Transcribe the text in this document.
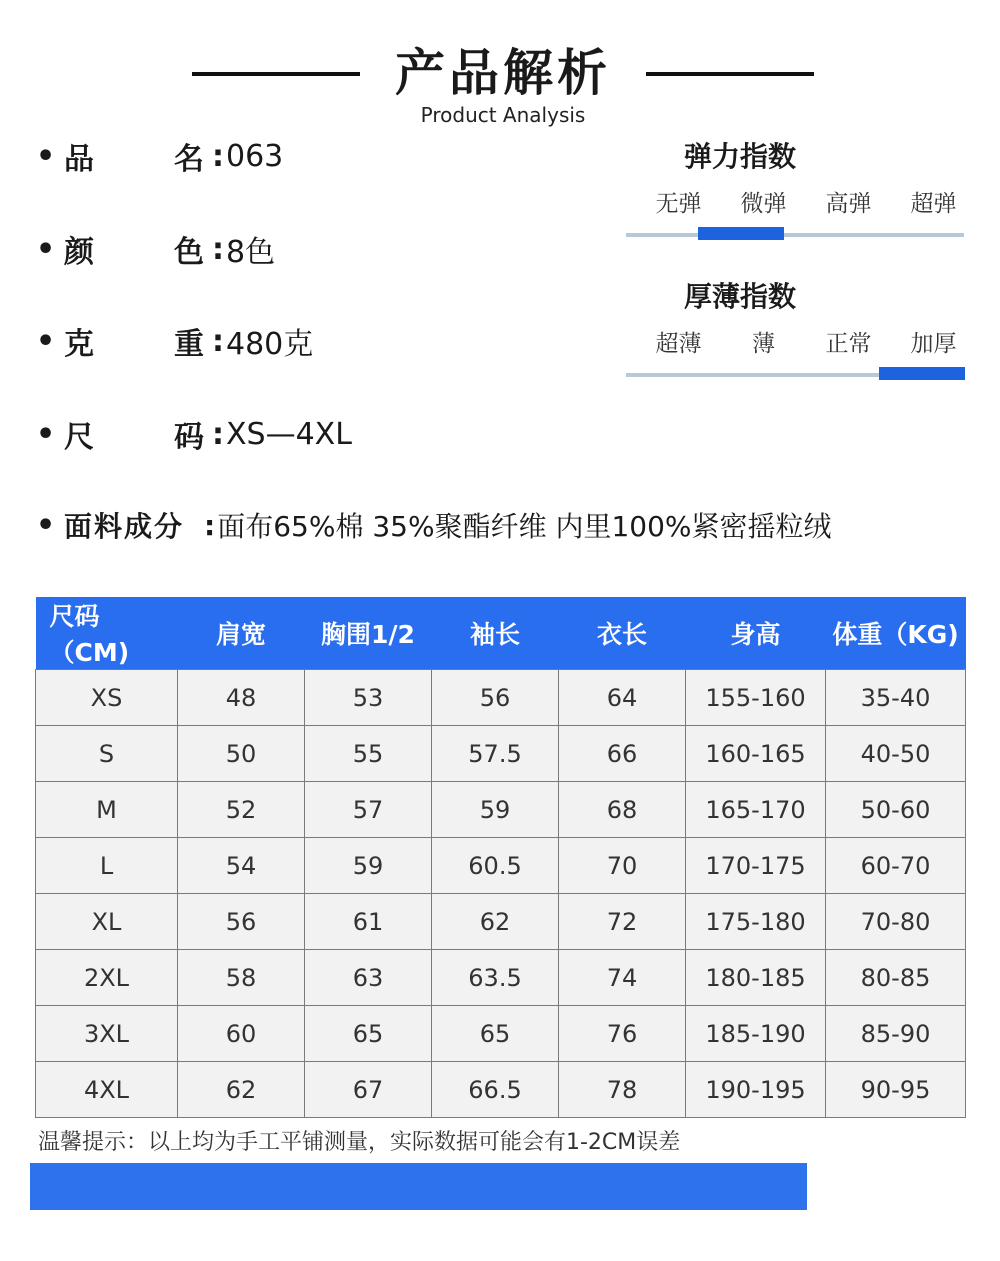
产品解析
Product Analysis
• 品	名 : 063
• 颜	色 : 8色
• 克	重 : 480克
• 尺	码 : XS—4XL
• 面料成分 : 面布65%棉 35%聚酯纤维 内里100%紧密摇粒绒
弹力指数
无弹	微弹	高弹	超弹
厚薄指数
超薄	薄	正常	加厚
尺码（CM)	肩宽	胸围1/2	袖长	衣长	身高	体重（KG)
XS	48	53	56	64	155-160	35-40
S	50	55	57.5	66	160-165	40-50
M	52	57	59	68	165-170	50-60
L	54	59	60.5	70	170-175	60-70
XL	56	61	62	72	175-180	70-80
2XL	58	63	63.5	74	180-185	80-85
3XL	60	65	65	76	185-190	85-90
4XL	62	67	66.5	78	190-195	90-95
温馨提示：以上均为手工平铺测量，实际数据可能会有1-2CM误差
